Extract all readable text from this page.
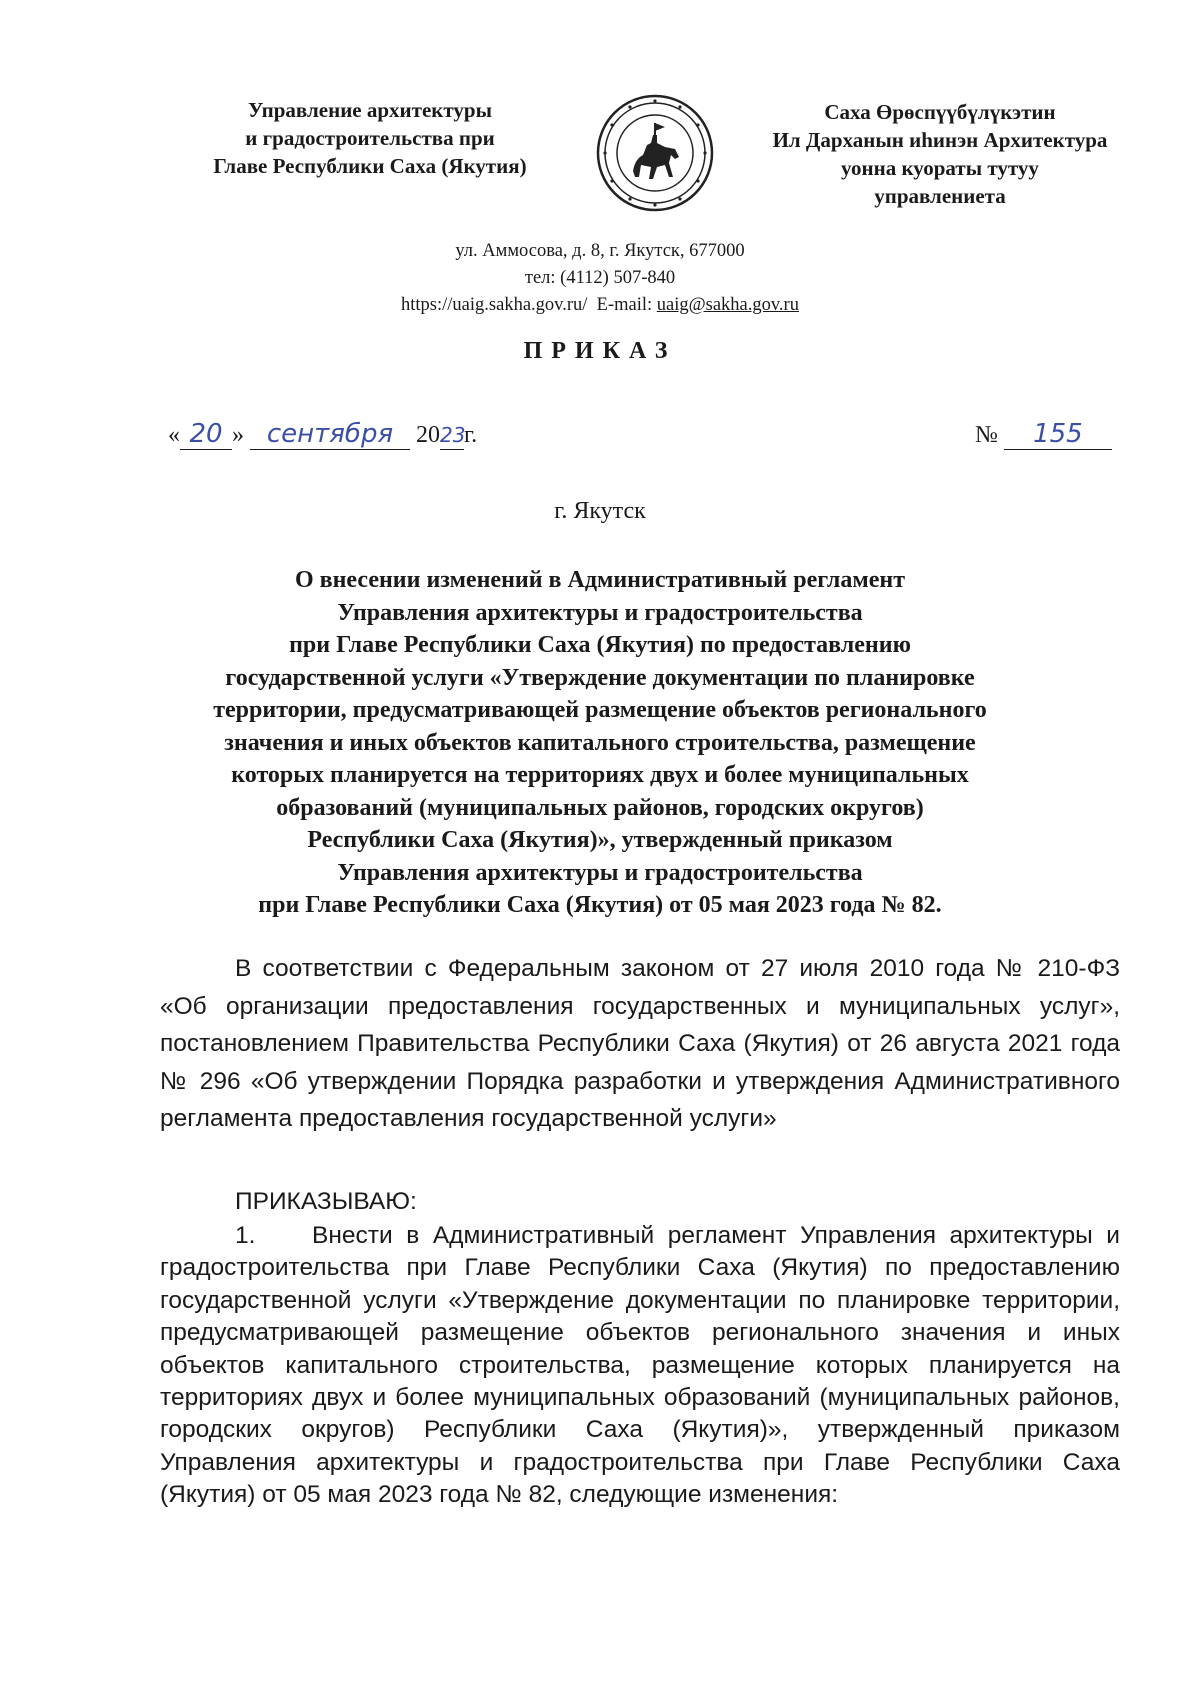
Управление архитектуры
и градостроительства при
Главе Республики Саха (Якутия)
Саха Өрөспүүбүлүкэтин
Ил Дарханын иһинэн Архитектура
уонна куораты тутуу
управлениета
ул. Аммосова, д. 8, г. Якутск, 677000
тел: (4112) 507-840
https://uaig.sakha.gov.ru/ E-mail: uaig@sakha.gov.ru
ПРИКАЗ
« 20 » сентября 2023г.	№ 155
г. Якутск
О внесении изменений в Административный регламент
Управления архитектуры и градостроительства
при Главе Республики Саха (Якутия) по предоставлению
государственной услуги «Утверждение документации по планировке
территории, предусматривающей размещение объектов регионального
значения и иных объектов капитального строительства, размещение
которых планируется на территориях двух и более муниципальных
образований (муниципальных районов, городских округов)
Республики Саха (Якутия)», утвержденный приказом
Управления архитектуры и градостроительства
при Главе Республики Саха (Якутия) от 05 мая 2023 года № 82.
В соответствии с Федеральным законом от 27 июля 2010 года № 210-ФЗ «Об организации предоставления государственных и муниципальных услуг», постановлением Правительства Республики Саха (Якутия) от 26 августа 2021 года № 296 «Об утверждении Порядка разработки и утверждения Административного регламента предоставления государственной услуги»
ПРИКАЗЫВАЮ:
1. Внести в Административный регламент Управления архитектуры и градостроительства при Главе Республики Саха (Якутия) по предоставлению государственной услуги «Утверждение документации по планировке территории, предусматривающей размещение объектов регионального значения и иных объектов капитального строительства, размещение которых планируется на территориях двух и более муниципальных образований (муниципальных районов, городских округов) Республики Саха (Якутия)», утвержденный приказом Управления архитектуры и градостроительства при Главе Республики Саха (Якутия) от 05 мая 2023 года № 82, следующие изменения:
